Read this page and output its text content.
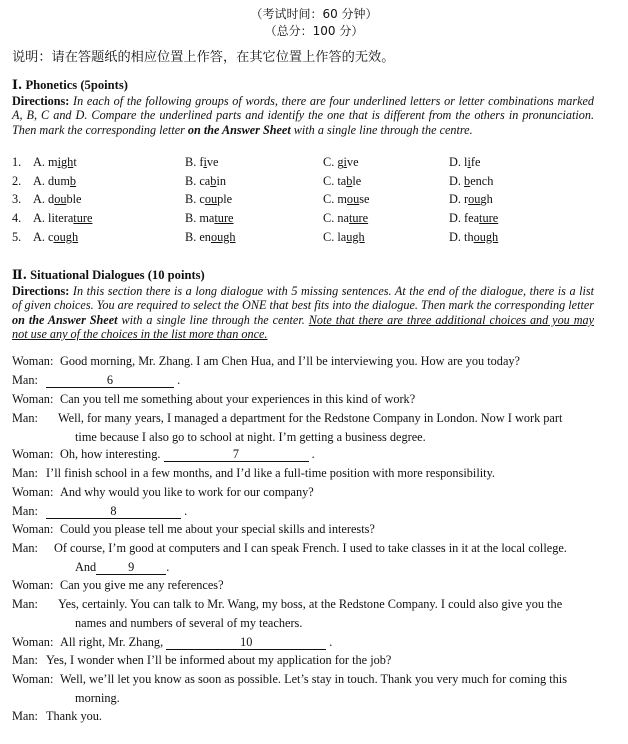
（考试时间：60 分钟）
（总分：100 分）
说明：请在答题纸的相应位置上作答，在其它位置上作答的无效。
Ⅰ. Phonetics (5points)
Directions: In each of the following groups of words, there are four underlined letters or letter combinations marked A, B, C and D. Compare the underlined parts and identify the one that is different from the others in pronunciation. Then mark the corresponding letter on the Answer Sheet with a single line through the centre.
1. A. might	B. five	C. give	D. life
2. A. dumb	B. cabin	C. table	D. bench
3. A. double	B. couple	C. mouse	D. rough
4. A. literature	B. mature	C. nature	D. feature
5. A. cough	B. enough	C. laugh	D. though
Ⅱ. Situational Dialogues (10 points)
Directions: In this section there is a long dialogue with 5 missing sentences. At the end of the dialogue, there is a list of given choices. You are required to select the ONE that best fits into the dialogue. Then mark the corresponding letter on the Answer Sheet with a single line through the center. Note that there are three additional choices and you may not use any of the choices in the list more than once.
Woman: Good morning, Mr. Zhang. I am Chen Hua, and I’ll be interviewing you. How are you today?
Man:	6	.
Woman: Can you tell me something about your experiences in this kind of work?
Man: Well, for many years, I managed a department for the Redstone Company in London. Now I work part
time because I also go to school at night. I’m getting a business degree.
Woman: Oh, how interesting.	7	.
Man: I’ll finish school in a few months, and I’d like a full-time position with more responsibility.
Woman: And why would you like to work for our company?
Man:	8	.
Woman: Could you please tell me about your special skills and interests?
Man: Of course, I’m good at computers and I can speak French. I used to take classes in it at the local college.
And	9	.
Woman: Can you give me any references?
Man: Yes, certainly. You can talk to Mr. Wang, my boss, at the Redstone Company. I could also give you the
names and numbers of several of my teachers.
Woman: All right, Mr. Zhang,	10	.
Man: Yes, I wonder when I’ll be informed about my application for the job?
Woman: Well, we’ll let you know as soon as possible. Let’s stay in touch. Thank you very much for coming this
morning.
Man: Thank you.
